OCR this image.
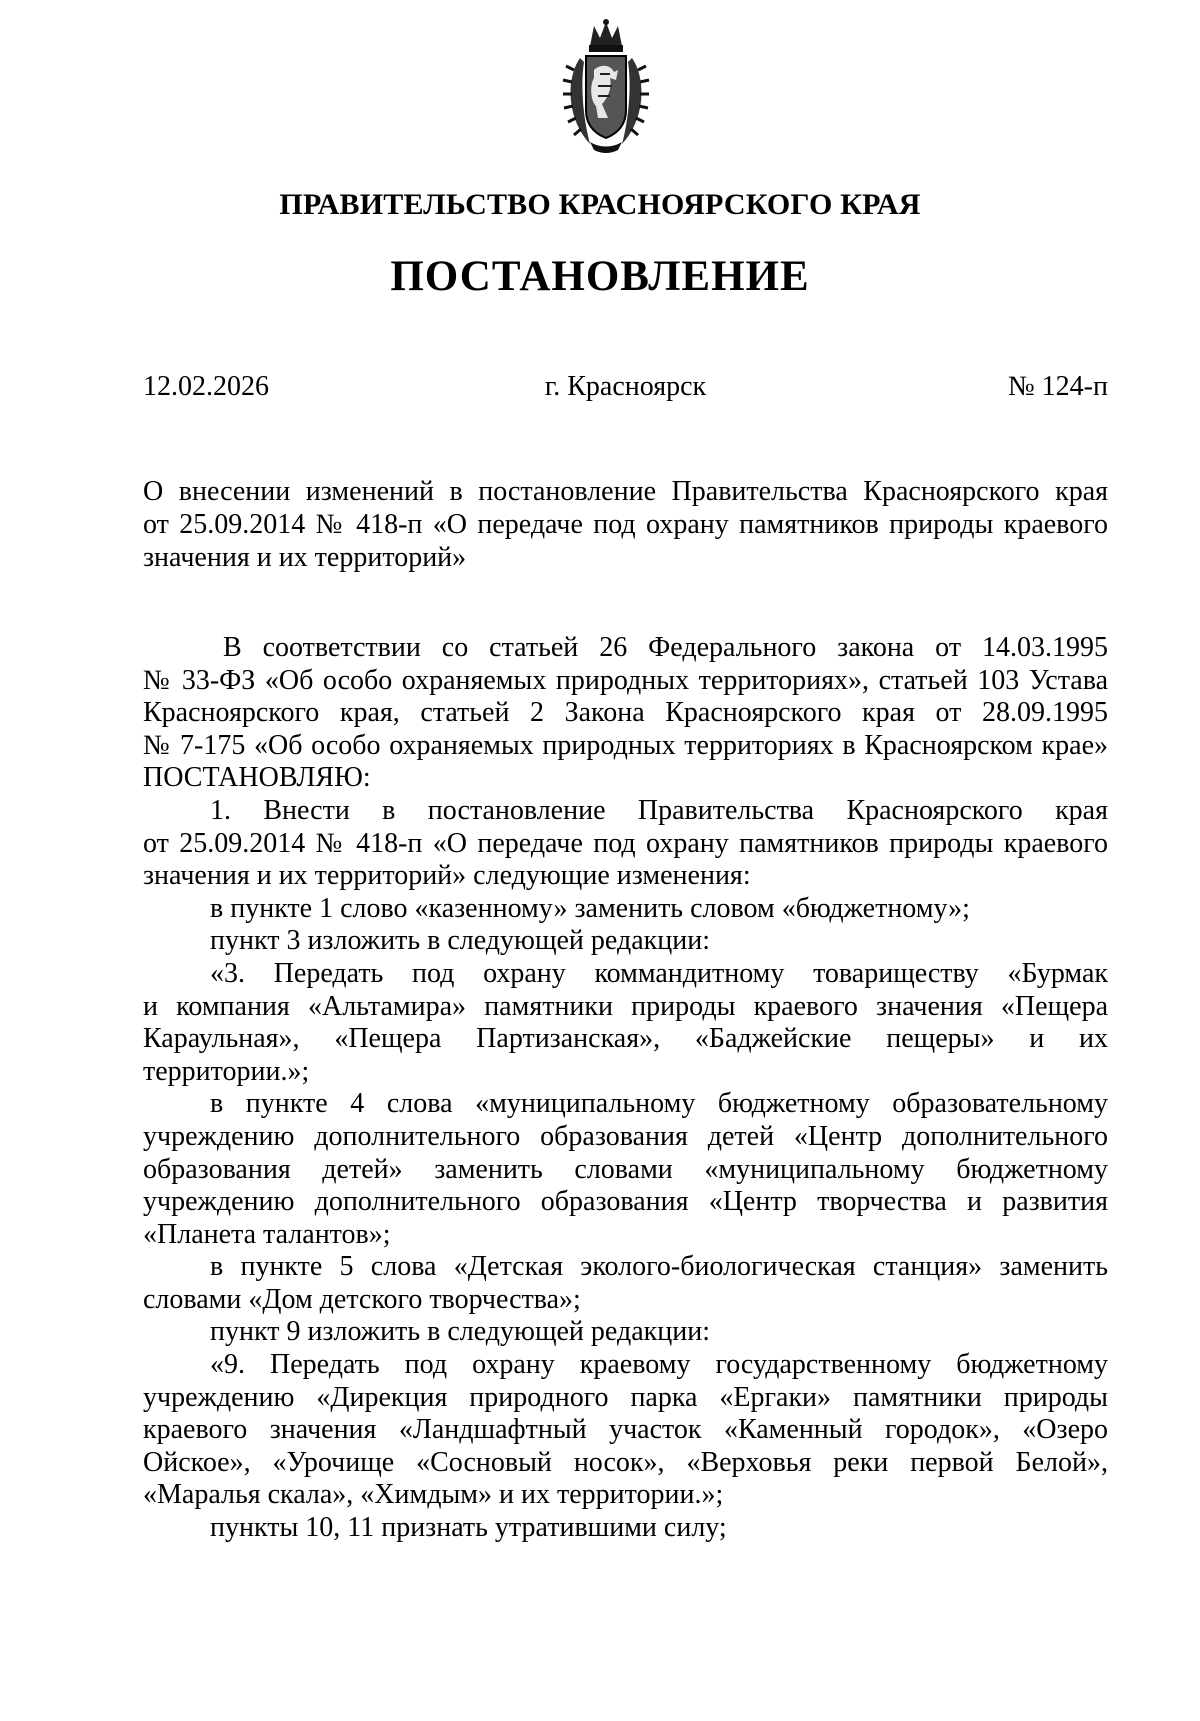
ПРАВИТЕЛЬСТВО КРАСНОЯРСКОГО КРАЯ
ПОСТАНОВЛЕНИЕ
12.02.2026	г. Красноярск	№ 124-п
О внесении изменений в постановление Правительства Красноярского края
от 25.09.2014 № 418-п «О передаче под охрану памятников природы краевого
значения и их территорий»
В соответствии со статьей 26 Федерального закона от 14.03.1995
№ 33-ФЗ «Об особо охраняемых природных территориях», статьей 103 Устава
Красноярского края, статьей 2 Закона Красноярского края от 28.09.1995
№ 7-175 «Об особо охраняемых природных территориях в Красноярском крае»
ПОСТАНОВЛЯЮ:
1. Внести в постановление Правительства Красноярского края
от 25.09.2014 № 418-п «О передаче под охрану памятников природы краевого
значения и их территорий» следующие изменения:
в пункте 1 слово «казенному» заменить словом «бюджетному»;
пункт 3 изложить в следующей редакции:
«3. Передать под охрану коммандитному товариществу «Бурмак
и компания «Альтамира» памятники природы краевого значения «Пещера
Караульная», «Пещера Партизанская», «Баджейские пещеры» и их
территории.»;
в пункте 4 слова «муниципальному бюджетному образовательному
учреждению дополнительного образования детей «Центр дополнительного
образования детей» заменить словами «муниципальному бюджетному
учреждению дополнительного образования «Центр творчества и развития
«Планета талантов»;
в пункте 5 слова «Детская эколого-биологическая станция» заменить
словами «Дом детского творчества»;
пункт 9 изложить в следующей редакции:
«9. Передать под охрану краевому государственному бюджетному
учреждению «Дирекция природного парка «Ергаки» памятники природы
краевого значения «Ландшафтный участок «Каменный городок», «Озеро
Ойское», «Урочище «Сосновый носок», «Верховья реки первой Белой»,
«Маралья скала», «Химдым» и их территории.»;
пункты 10, 11 признать утратившими силу;
